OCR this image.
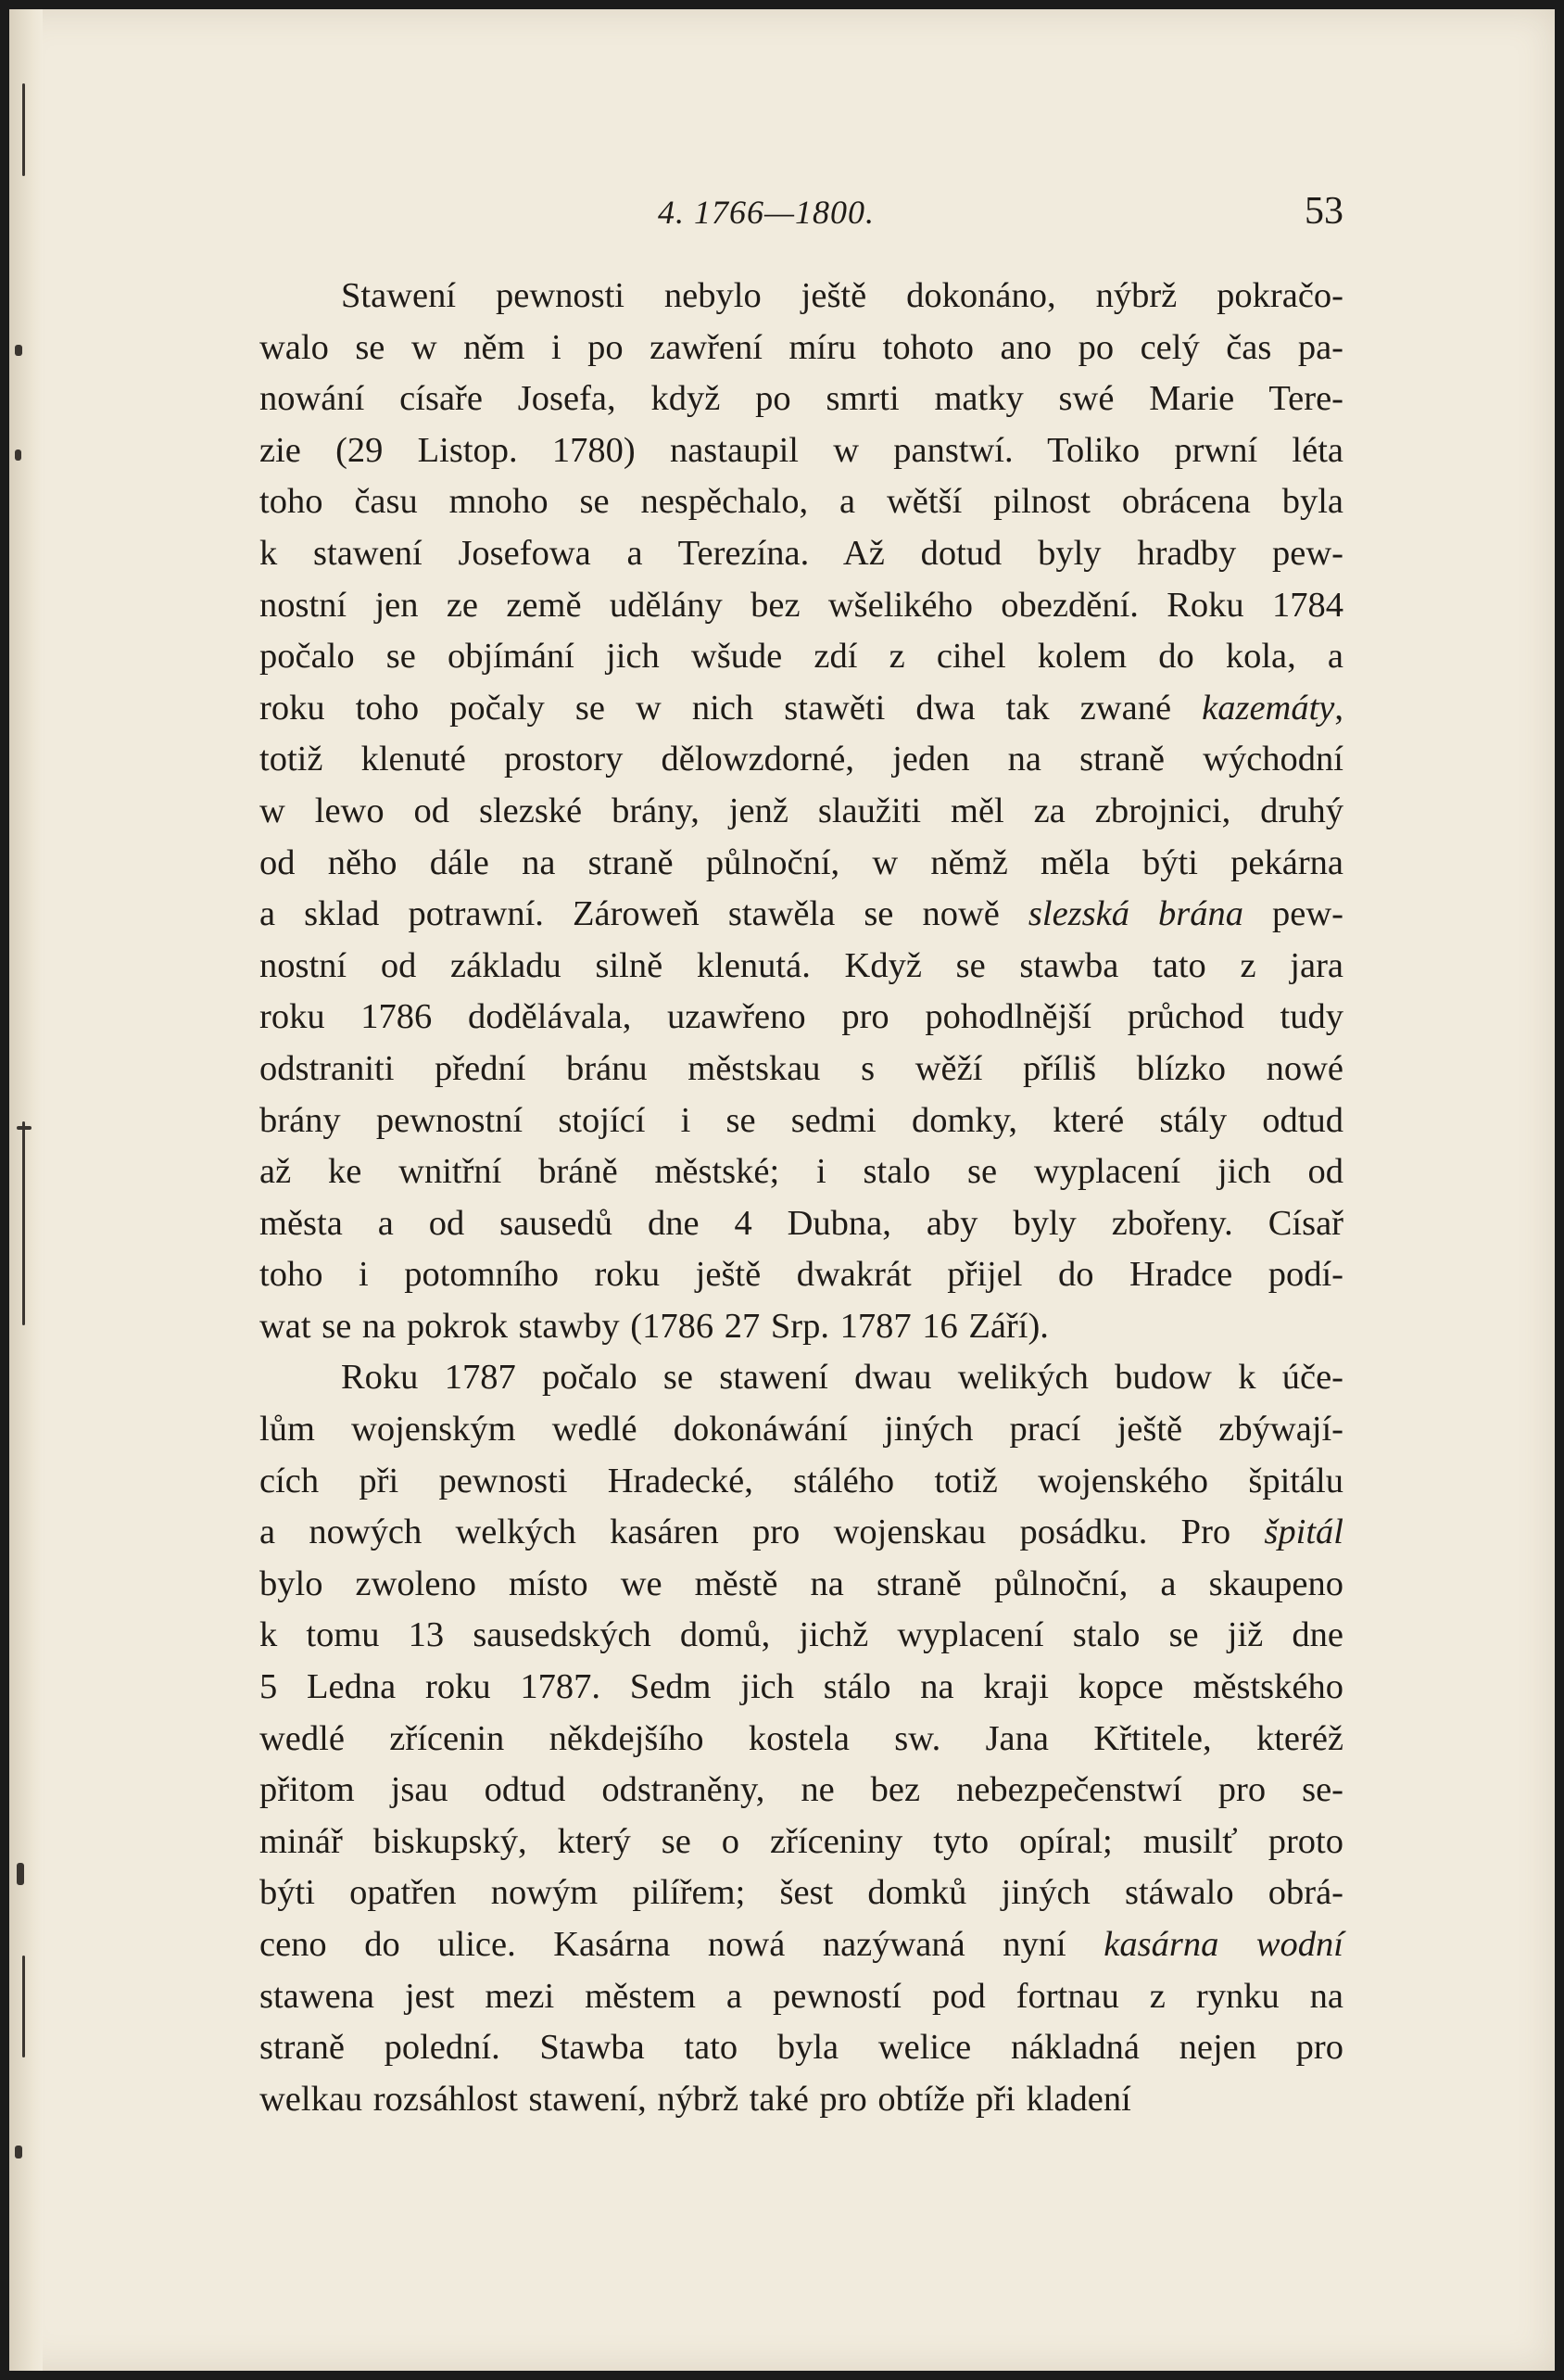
4. 1766—1800.	53
Stawení pewnosti nebylo ještě dokonáno, nýbrž pokračo-
walo se w něm i po zawření míru tohoto ano po celý čas pa-
nowání císaře Josefa, když po smrti matky swé Marie Tere-
zie (29 Listop. 1780) nastaupil w panstwí. Toliko prwní léta
toho času mnoho se nespěchalo, a wětší pilnost obrácena byla
k stawení Josefowa a Terezína. Až dotud byly hradby pew-
nostní jen ze země udělány bez wšelikého obezdění. Roku 1784
počalo se objímání jich wšude zdí z cihel kolem do kola, a
roku toho počaly se w nich stawěti dwa tak zwané kazemáty,
totiž klenuté prostory dělowzdorné, jeden na straně wýchodní
w lewo od slezské brány, jenž slaužiti měl za zbrojnici, druhý
od něho dále na straně půlnoční, w němž měla býti pekárna
a sklad potrawní. Zároweň stawěla se nowě slezská brána pew-
nostní od základu silně klenutá. Když se stawba tato z jara
roku 1786 dodělávala, uzawřeno pro pohodlnější průchod tudy
odstraniti přední bránu městskau s wěží příliš blízko nowé
brány pewnostní stojící i se sedmi domky, které stály odtud
až ke wnitřní bráně městské; i stalo se wyplacení jich od
města a od sausedů dne 4 Dubna, aby byly zbořeny. Císař
toho i potomního roku ještě dwakrát přijel do Hradce podí-
wat se na pokrok stawby (1786 27 Srp. 1787 16 Září).
Roku 1787 počalo se stawení dwau welikých budow k úče-
lům wojenským wedlé dokonáwání jiných prací ještě zbýwají-
cích při pewnosti Hradecké, stálého totiž wojenského špitálu
a nowých welkých kasáren pro wojenskau posádku. Pro špitál
bylo zwoleno místo we městě na straně půlnoční, a skaupeno
k tomu 13 sausedských domů, jichž wyplacení stalo se již dne
5 Ledna roku 1787. Sedm jich stálo na kraji kopce městského
wedlé zřícenin někdejšího kostela sw. Jana Křtitele, kteréž
přitom jsau odtud odstraněny, ne bez nebezpečenstwí pro se-
minář biskupský, který se o zříceniny tyto opíral; musilť proto
býti opatřen nowým pilířem; šest domků jiných stáwalo obrá-
ceno do ulice. Kasárna nowá nazýwaná nyní kasárna wodní
stawena jest mezi městem a pewností pod fortnau z rynku na
straně polední. Stawba tato byla welice nákladná nejen pro
welkau rozsáhlost stawení, nýbrž také pro obtíže při kladení
